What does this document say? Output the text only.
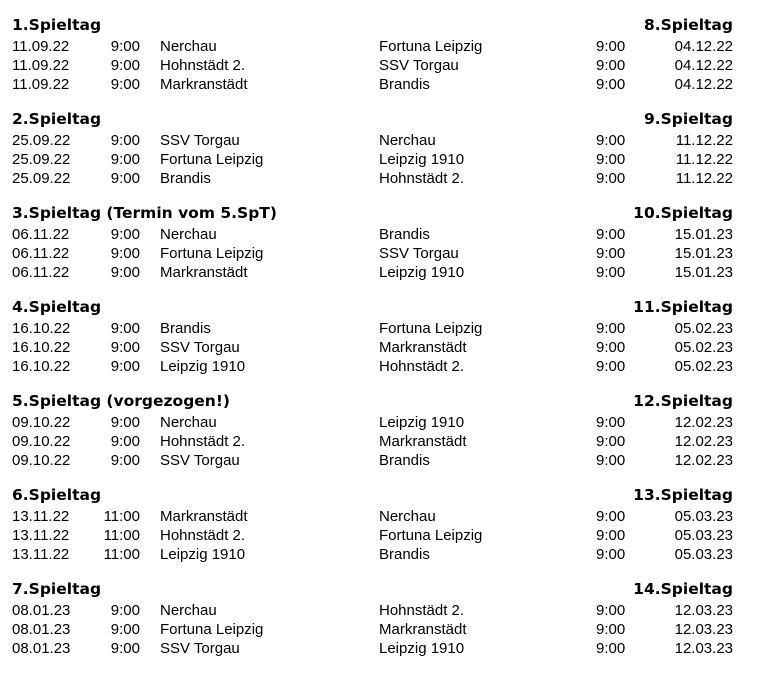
1.Spieltag	8.Spieltag
11.09.22	9:00 Nerchau	Fortuna Leipzig	9:00	04.12.22
11.09.22	9:00 Hohnstädt 2.	SSV Torgau	9:00	04.12.22
11.09.22	9:00 Markranstädt	Brandis	9:00	04.12.22
2.Spieltag	9.Spieltag
25.09.22	9:00 SSV Torgau	Nerchau	9:00	11.12.22
25.09.22	9:00 Fortuna Leipzig	Leipzig 1910	9:00	11.12.22
25.09.22	9:00 Brandis	Hohnstädt 2.	9:00	11.12.22
3.Spieltag (Termin vom 5.SpT)	10.Spieltag
06.11.22	9:00 Nerchau	Brandis	9:00	15.01.23
06.11.22	9:00 Fortuna Leipzig	SSV Torgau	9:00	15.01.23
06.11.22	9:00 Markranstädt	Leipzig 1910	9:00	15.01.23
4.Spieltag	11.Spieltag
16.10.22	9:00 Brandis	Fortuna Leipzig	9:00	05.02.23
16.10.22	9:00 SSV Torgau	Markranstädt	9:00	05.02.23
16.10.22	9:00 Leipzig 1910	Hohnstädt 2.	9:00	05.02.23
5.Spieltag (vorgezogen!)	12.Spieltag
09.10.22	9:00 Nerchau	Leipzig 1910	9:00	12.02.23
09.10.22	9:00 Hohnstädt 2.	Markranstädt	9:00	12.02.23
09.10.22	9:00 SSV Torgau	Brandis	9:00	12.02.23
6.Spieltag	13.Spieltag
13.11.22 11:00 Markranstädt	Nerchau	9:00	05.03.23
13.11.22 11:00 Hohnstädt 2.	Fortuna Leipzig	9:00	05.03.23
13.11.22 11:00 Leipzig 1910	Brandis	9:00	05.03.23
7.Spieltag	14.Spieltag
08.01.23	9:00 Nerchau	Hohnstädt 2.	9:00	12.03.23
08.01.23	9:00 Fortuna Leipzig	Markranstädt	9:00	12.03.23
08.01.23	9:00 SSV Torgau	Leipzig 1910	9:00	12.03.23
